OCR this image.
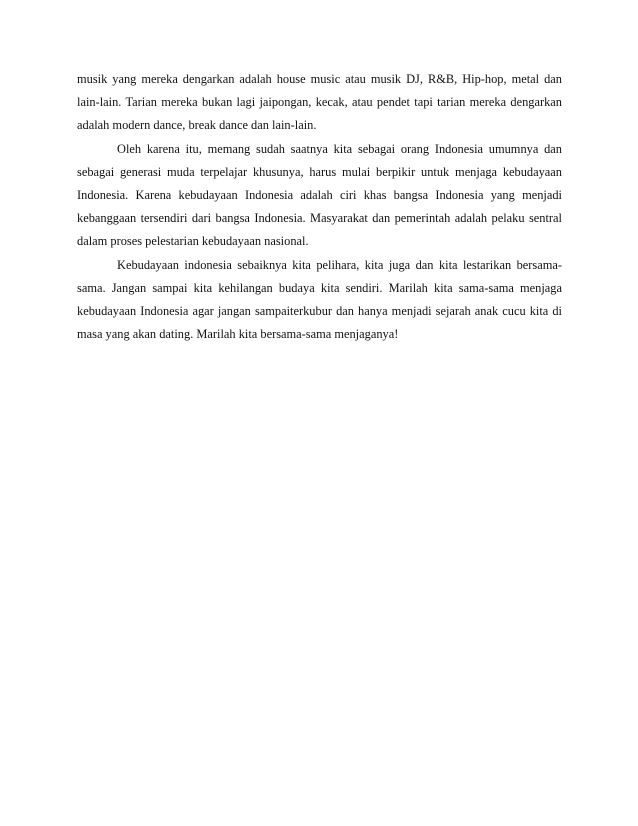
musik yang mereka dengarkan adalah house music atau musik DJ, R&B, Hip-hop, metal dan lain-lain. Tarian mereka bukan lagi jaipongan, kecak, atau pendet tapi tarian mereka dengarkan adalah modern dance, break dance dan lain-lain.

Oleh karena itu, memang sudah saatnya kita sebagai orang Indonesia umumnya dan sebagai generasi muda terpelajar khusunya, harus mulai berpikir untuk menjaga kebudayaan Indonesia. Karena kebudayaan Indonesia adalah ciri khas bangsa Indonesia yang menjadi kebanggaan tersendiri dari bangsa Indonesia. Masyarakat dan pemerintah adalah pelaku sentral dalam proses pelestarian kebudayaan nasional.

Kebudayaan indonesia sebaiknya kita pelihara, kita juga dan kita lestarikan bersama-sama. Jangan sampai kita kehilangan budaya kita sendiri. Marilah kita sama-sama menjaga kebudayaan Indonesia agar jangan sampaiterkubur dan hanya menjadi sejarah anak cucu kita di masa yang akan dating. Marilah kita bersama-sama menjaganya!
